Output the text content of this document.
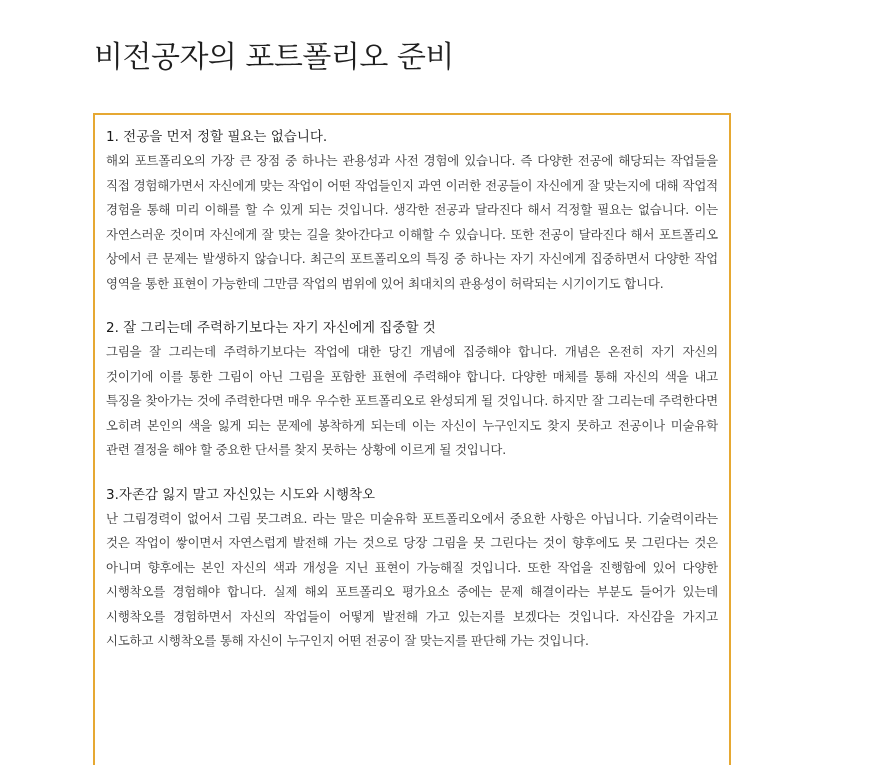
비전공자의 포트폴리오 준비

1. 전공을 먼저 정할 필요는 없습니다.

해외 포트폴리오의 가장 큰 장점 중 하나는 관용성과 사전 경험에 있습니다. 즉 다양한 전공에 해당되는 작업들을 직접 경험해가면서 자신에게 맞는 작업이 어떤 작업들인지 과연 이러한 전공들이 자신에게 잘 맞는지에 대해 작업적 경험을 통해 미리 이해를 할 수 있게 되는 것입니다. 생각한 전공과 달라진다 해서 걱정할 필요는 없습니다. 이는 자연스러운 것이며 자신에게 잘 맞는 길을 찾아간다고 이해할 수 있습니다. 또한 전공이 달라진다 해서 포트폴리오 상에서 큰 문제는 발생하지 않습니다. 최근의 포트폴리오의 특징 중 하나는 자기 자신에게 집중하면서 다양한 작업 영역을 통한 표현이 가능한데 그만큼 작업의 범위에 있어 최대치의 관용성이 허락되는 시기이기도 합니다.

2. 잘 그리는데 주력하기보다는 자기 자신에게 집중할 것

그림을 잘 그리는데 주력하기보다는 작업에 대한 당긴 개념에 집중해야 합니다. 개념은 온전히 자기 자신의 것이기에 이를 통한 그림이 아닌 그림을 포함한 표현에 주력해야 합니다. 다양한 매체를 통해 자신의 색을 내고 특징을 찾아가는 것에 주력한다면 매우 우수한 포트폴리오로 완성되게 될 것입니다. 하지만 잘 그리는데 주력한다면 오히려 본인의 색을 잃게 되는 문제에 봉착하게 되는데 이는 자신이 누구인지도 찾지 못하고 전공이나 미술유학 관련 결정을 해야 할 중요한 단서를 찾지 못하는 상황에 이르게 될 것입니다.

3.자존감 잃지 말고 자신있는 시도와 시행착오

난 그림경력이 없어서 그림 못그려요. 라는 말은 미술유학 포트폴리오에서 중요한 사항은 아닙니다. 기술력이라는 것은 작업이 쌓이면서 자연스럽게 발전해 가는 것으로 당장 그림을 못 그린다는 것이 향후에도 못 그린다는 것은 아니며 향후에는 본인 자신의 색과 개성을 지닌 표현이 가능해질 것입니다. 또한 작업을 진행함에 있어 다양한 시행착오를 경험해야 합니다. 실제 해외 포트폴리오 평가요소 중에는 문제 해결이라는 부분도 들어가 있는데 시행착오를 경험하면서 자신의 작업들이 어떻게 발전해 가고 있는지를 보겠다는 것입니다. 자신감을 가지고 시도하고 시행착오를 통해 자신이 누구인지 어떤 전공이 잘 맞는지를 판단해 가는 것입니다.
